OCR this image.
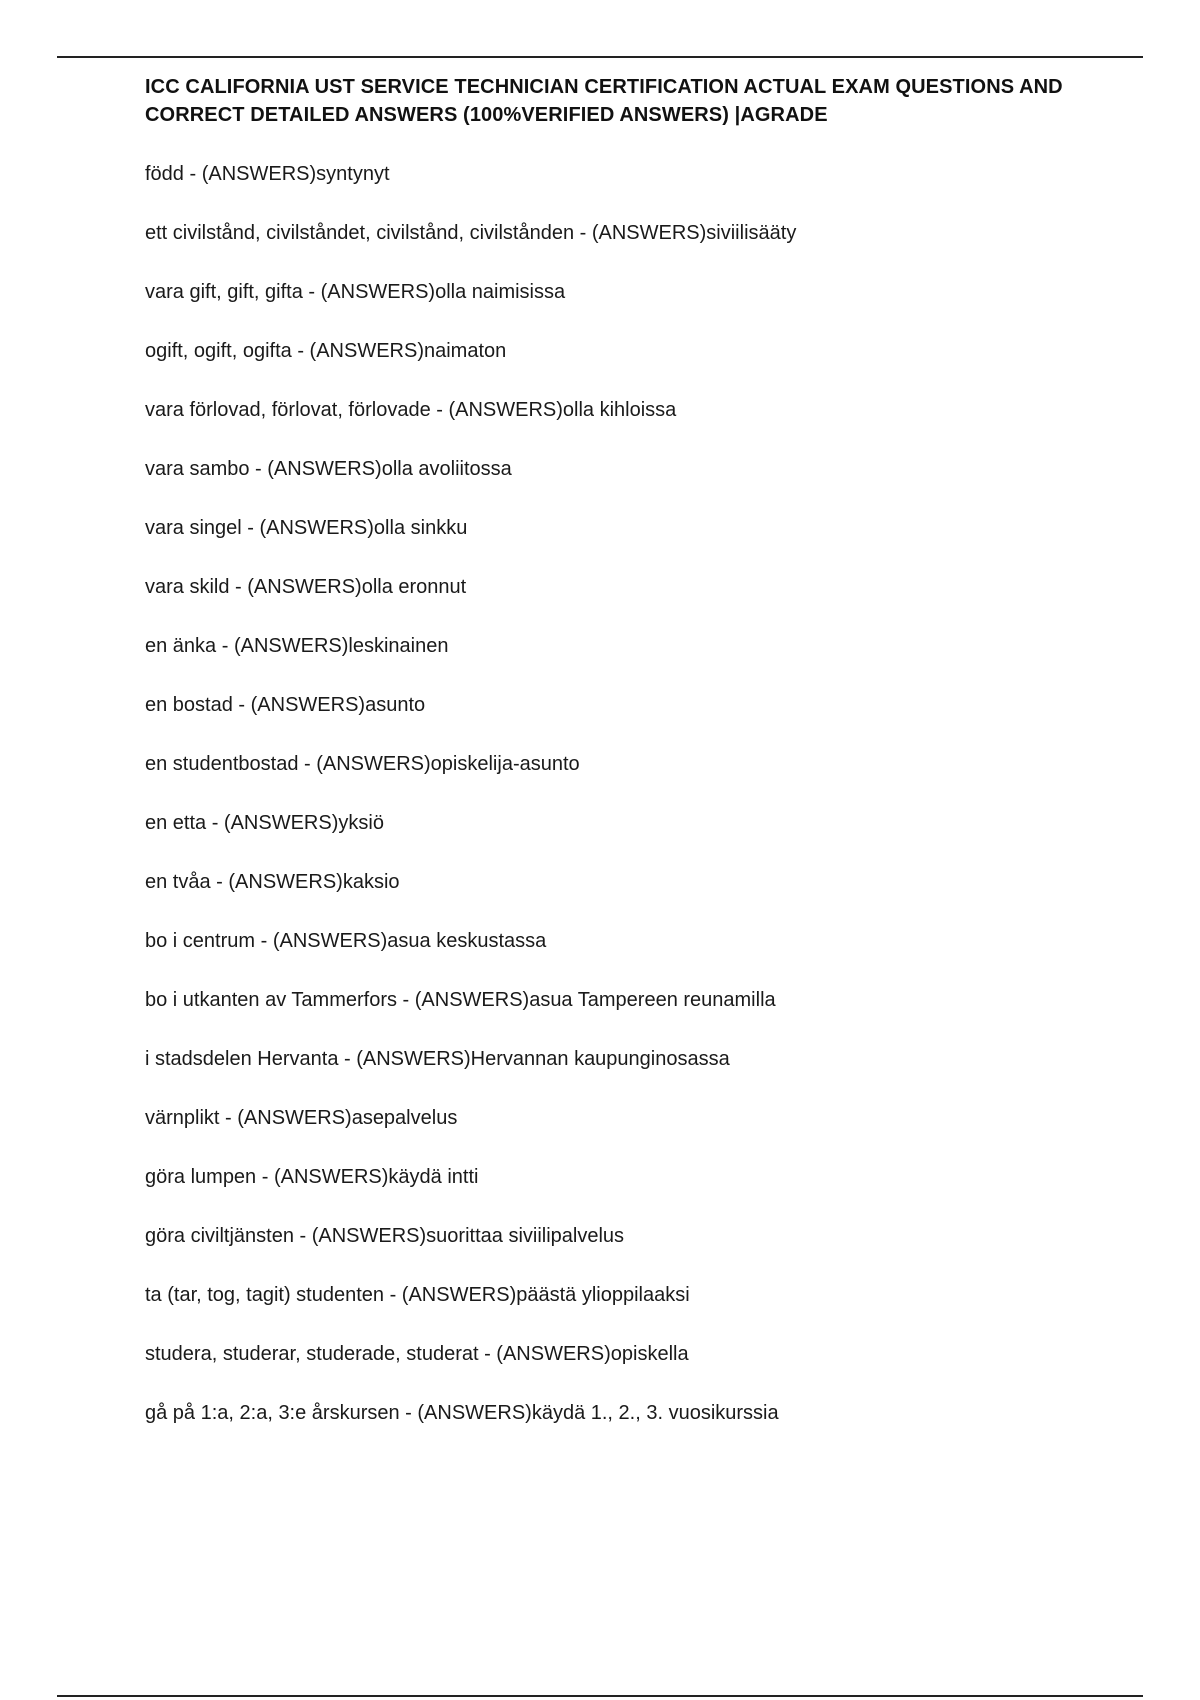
ICC CALIFORNIA UST SERVICE TECHNICIAN CERTIFICATION ACTUAL EXAM QUESTIONS AND CORRECT DETAILED ANSWERS (100%VERIFIED ANSWERS) |AGRADE
född - (ANSWERS)syntynyt
ett civilstånd, civilståndet, civilstånd, civilstånden - (ANSWERS)siviilisääty
vara gift, gift, gifta - (ANSWERS)olla naimisissa
ogift, ogift, ogifta - (ANSWERS)naimaton
vara förlovad, förlovat, förlovade - (ANSWERS)olla kihloissa
vara sambo - (ANSWERS)olla avoliitossa
vara singel - (ANSWERS)olla sinkku
vara skild - (ANSWERS)olla eronnut
en änka - (ANSWERS)leskinainen
en bostad - (ANSWERS)asunto
en studentbostad - (ANSWERS)opiskelija-asunto
en etta - (ANSWERS)yksiö
en tvåa - (ANSWERS)kaksio
bo i centrum - (ANSWERS)asua keskustassa
bo i utkanten av Tammerfors - (ANSWERS)asua Tampereen reunamilla
i stadsdelen Hervanta - (ANSWERS)Hervannan kaupunginosassa
värnplikt - (ANSWERS)asepalvelus
göra lumpen - (ANSWERS)käydä intti
göra civiltjänsten - (ANSWERS)suorittaa siviilipalvelus
ta (tar, tog, tagit) studenten - (ANSWERS)päästä ylioppilaaksi
studera, studerar, studerade, studerat - (ANSWERS)opiskella
gå på 1:a, 2:a, 3:e årskursen - (ANSWERS)käydä 1., 2., 3. vuosikurssia
